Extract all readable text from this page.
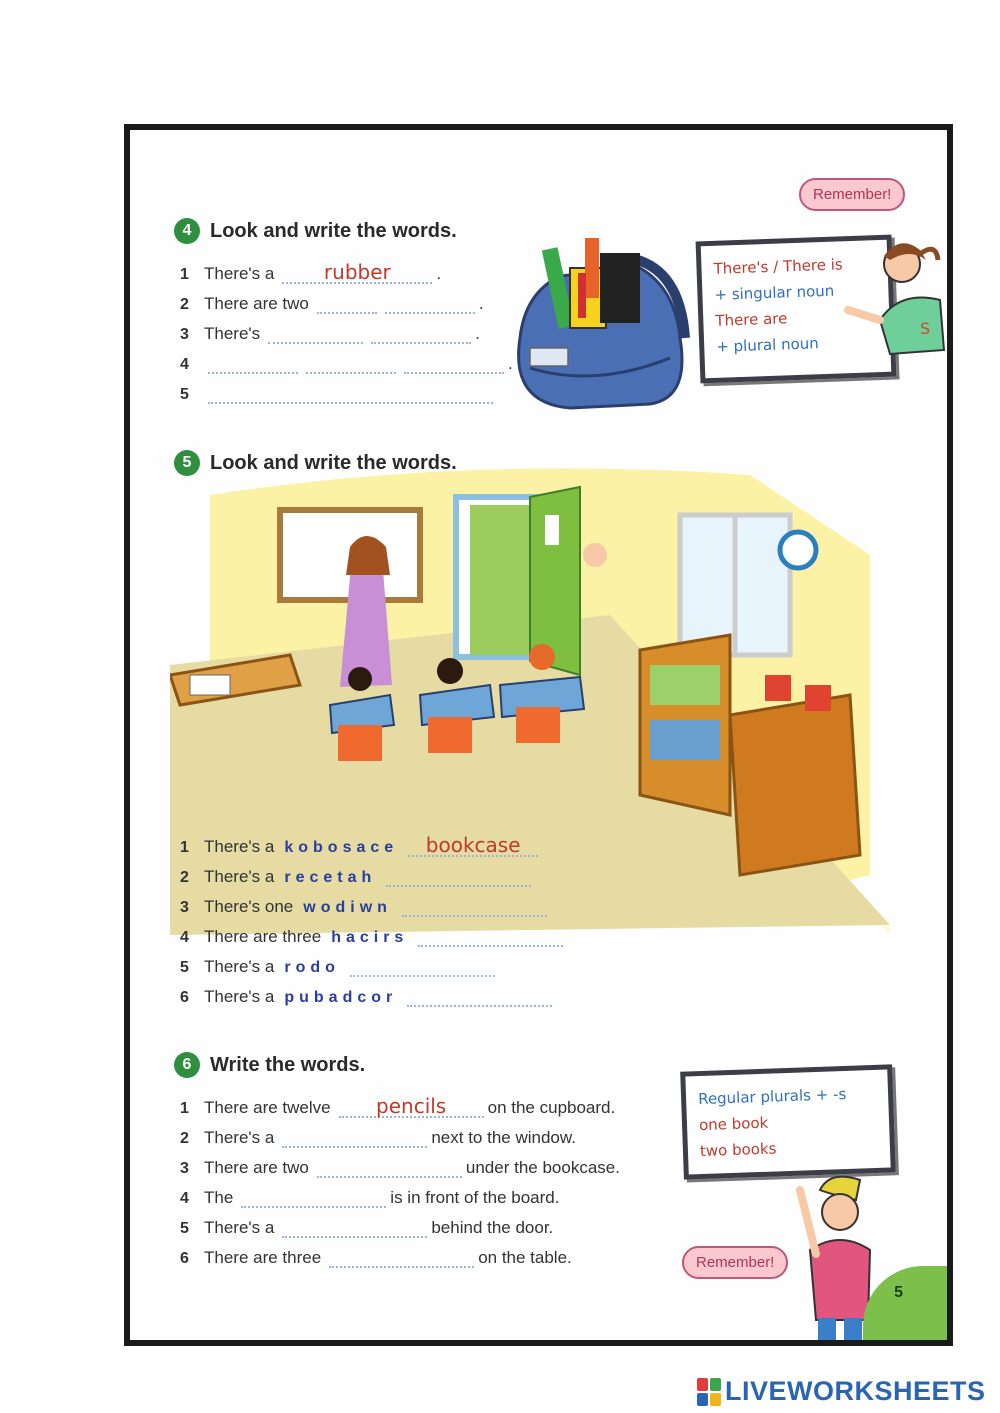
4 Look and write the words.
1 There's a	rubber	.
2 There are two	.
3 There's	.
4	.
5
Remember!
There's / There is
+ singular noun
There are
+ plural noun
S
5 Look and write the words.
1 There's a kobosace	bookcase
2 There's a recetah
3 There's one wodiwn
4 There are three hacirs
5 There's a rodo
6 There's a pubadcor
6 Write the words.
1 There are twelve	pencils	on the cupboard.
2 There's a	next to the window.
3 There are two	under the bookcase.
4 The	is in front of the board.
5 There's a	behind the door.
6 There are three	on the table.
Regular plurals + -s
one book
two books
Remember!
5
LIVEWORKSHEETS
